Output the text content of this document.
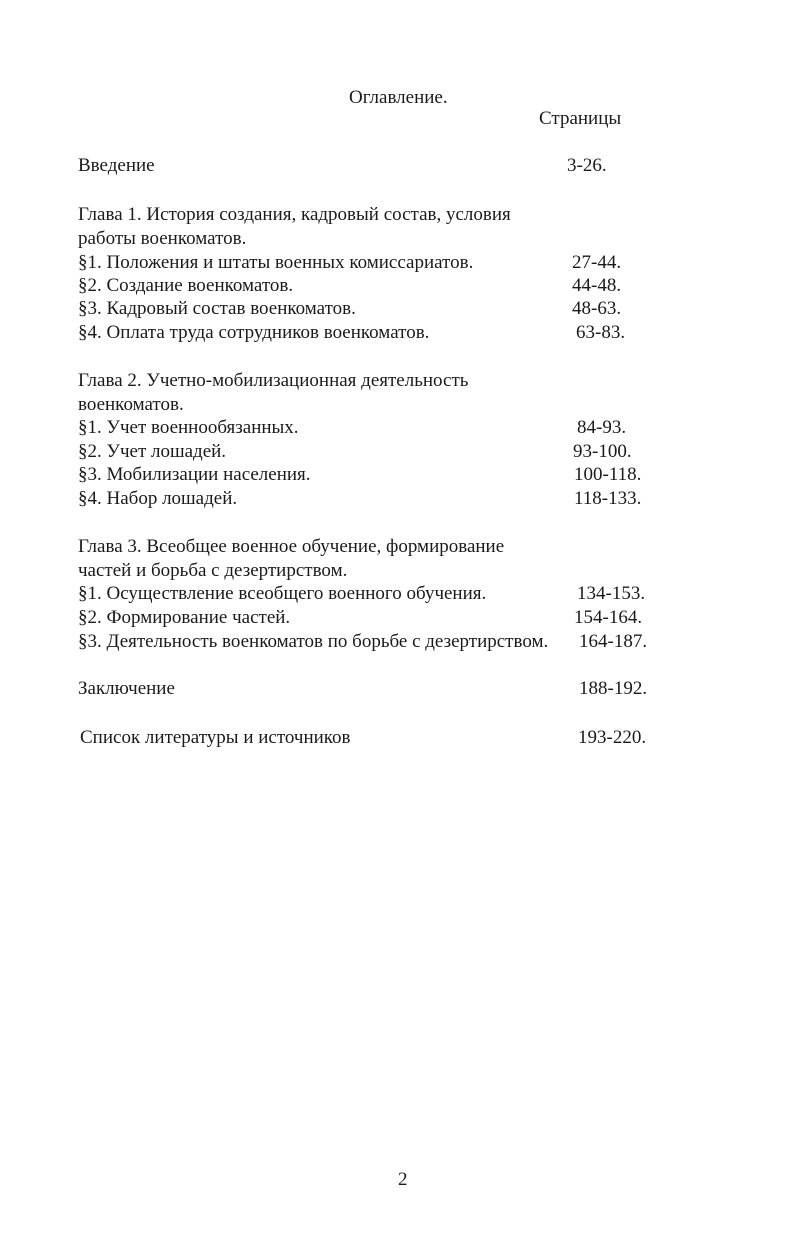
Оглавление.
Страницы
Введение	3-26.
Глава 1. История создания, кадровый состав, условия
работы военкоматов.
§1. Положения и штаты военных комиссариатов.	27-44.
§2. Создание военкоматов.	44-48.
§3. Кадровый состав военкоматов.	48-63.
§4. Оплата труда сотрудников военкоматов.	63-83.
Глава 2. Учетно-мобилизационная деятельность
военкоматов.
§1. Учет военнообязанных.	84-93.
§2. Учет лошадей.	93-100.
§3. Мобилизации населения.	100-118.
§4. Набор лошадей.	118-133.
Глава 3. Всеобщее военное обучение, формирование
частей и борьба с дезертирством.
§1. Осуществление всеобщего военного обучения.	134-153.
§2. Формирование частей.	154-164.
§3. Деятельность военкоматов по борьбе с дезертирством. 164-187.
Заключение	188-192.
Список литературы и источников	193-220.
2
